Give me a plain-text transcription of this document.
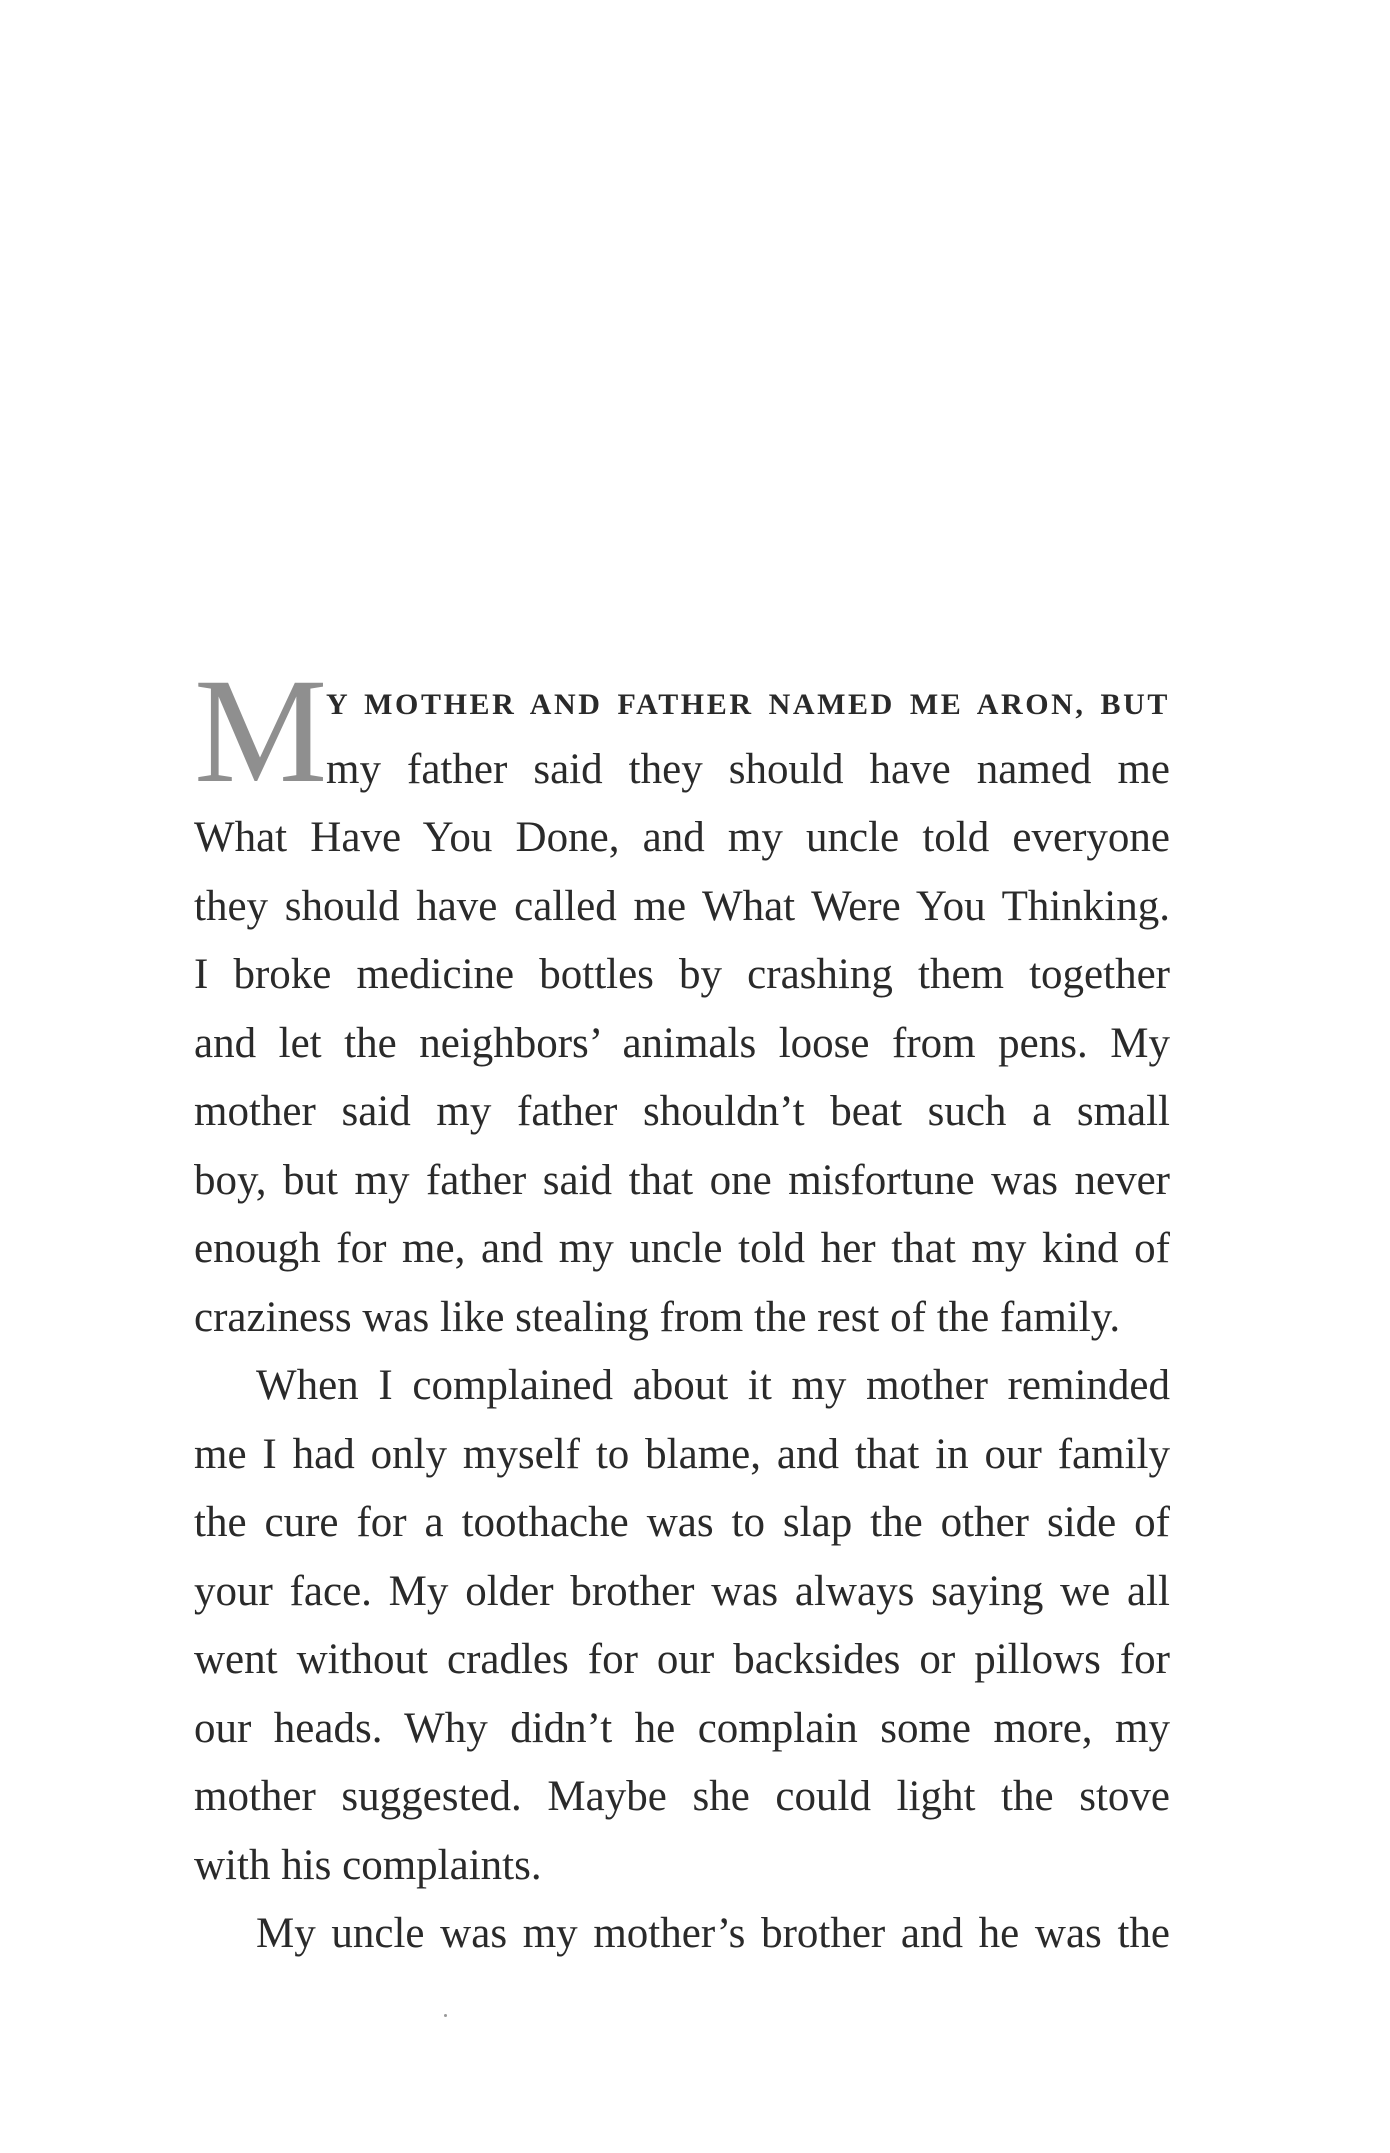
M
Y MOTHER AND FATHER NAMED ME ARON, BUT
my father said they should have named me
What Have You Done, and my uncle told everyone
they should have called me What Were You Thinking.
I broke medicine bottles by crashing them together
and let the neighbors’ animals loose from pens. My
mother said my father shouldn’t beat such a small
boy, but my father said that one misfortune was never
enough for me, and my uncle told her that my kind of
craziness was like stealing from the rest of the family.
When I complained about it my mother reminded
me I had only myself to blame, and that in our family
the cure for a toothache was to slap the other side of
your face. My older brother was always saying we all
went without cradles for our backsides or pillows for
our heads. Why didn’t he complain some more, my
mother suggested. Maybe she could light the stove
with his complaints.
My uncle was my mother’s brother and he was the
